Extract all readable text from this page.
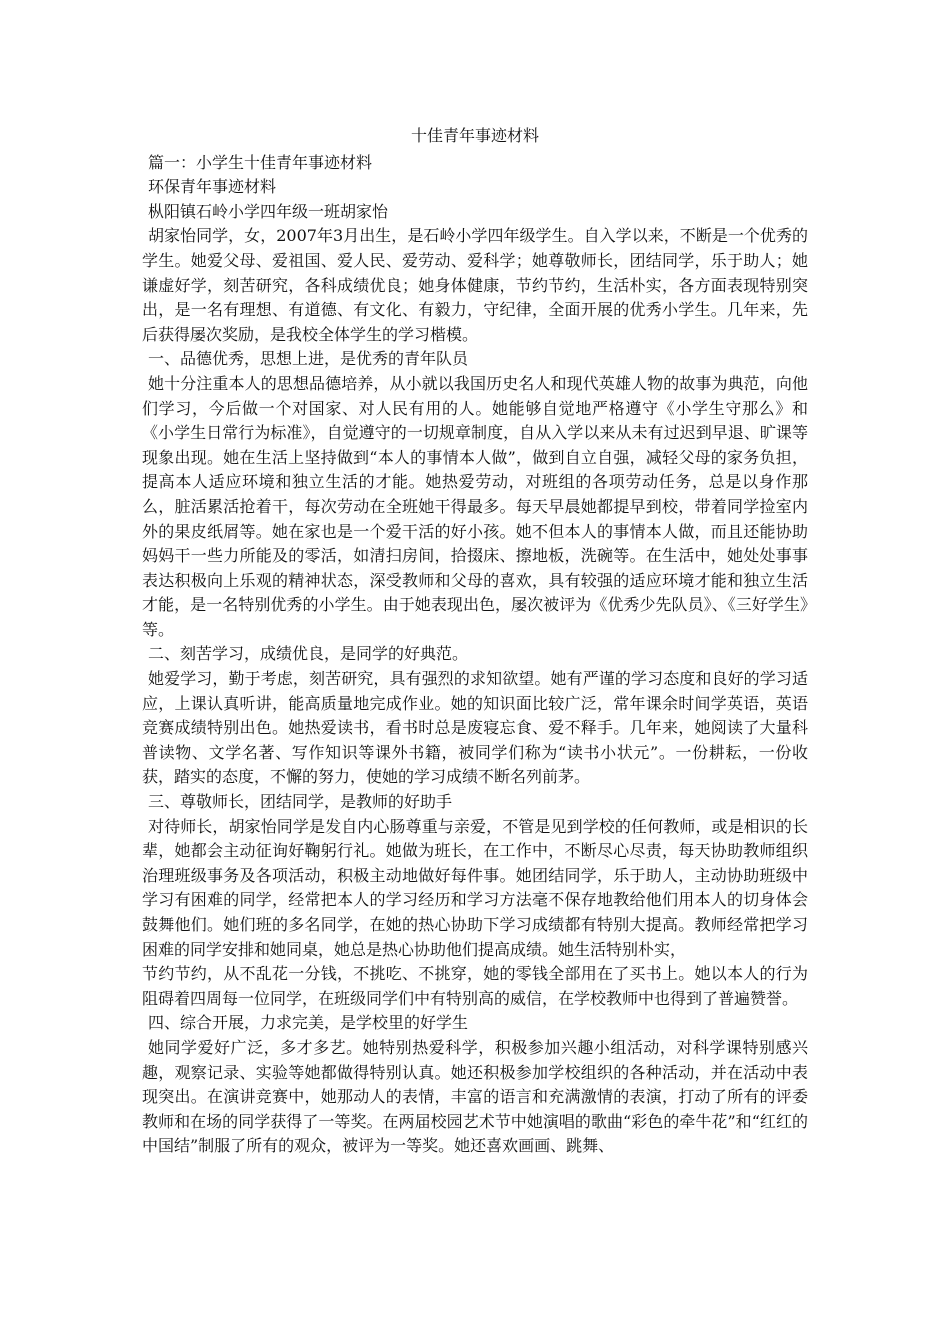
十佳青年事迹材料

篇一：小学生十佳青年事迹材料

环保青年事迹材料

枞阳镇石岭小学四年级一班胡家怡

胡家怡同学，女，2007年3月出生，是石岭小学四年级学生。自入学以来，不断是一个优秀的学生。她爱父母、爱祖国、爱人民、爱劳动、爱科学；她尊敬师长，团结同学，乐于助人；她谦虚好学，刻苦研究，各科成绩优良；她身体健康，节约节约，生活朴实，各方面表现特别突出，是一名有理想、有道德、有文化、有毅力，守纪律，全面开展的优秀小学生。几年来，先后获得屡次奖励，是我校全体学生的学习楷模。

一、品德优秀，思想上进，是优秀的青年队员

她十分注重本人的思想品德培养，从小就以我国历史名人和现代英雄人物的故事为典范，向他们学习，今后做一个对国家、对人民有用的人。她能够自觉地严格遵守《小学生守那么》和《小学生日常行为标准》，自觉遵守的一切规章制度，自从入学以来从未有过迟到早退、旷课等现象出现。她在生活上坚持做到“本人的事情本人做”，做到自立自强，减轻父母的家务负担，提高本人适应环境和独立生活的才能。她热爱劳动，对班组的各项劳动任务，总是以身作那么，脏活累活抢着干，每次劳动在全班她干得最多。每天早晨她都提早到校，带着同学捡室内外的果皮纸屑等。她在家也是一个爱干活的好小孩。她不但本人的事情本人做，而且还能协助妈妈干一些力所能及的零活，如清扫房间，拾掇床、擦地板，洗碗等。在生活中，她处处事事表达积极向上乐观的精神状态，深受教师和父母的喜欢，具有较强的适应环境才能和独立生活才能，是一名特别优秀的小学生。由于她表现出色，屡次被评为《优秀少先队员》、《三好学生》等。

二、刻苦学习，成绩优良，是同学的好典范。

她爱学习，勤于考虑，刻苦研究，具有强烈的求知欲望。她有严谨的学习态度和良好的学习适应，上课认真听讲，能高质量地完成作业。她的知识面比较广泛，常年课余时间学英语，英语竞赛成绩特别出色。她热爱读书，看书时总是废寝忘食、爱不释手。几年来，她阅读了大量科普读物、文学名著、写作知识等课外书籍，被同学们称为“读书小状元”。一份耕耘，一份收获，踏实的态度，不懈的努力，使她的学习成绩不断名列前茅。

三、尊敬师长，团结同学，是教师的好助手

对待师长，胡家怡同学是发自内心肠尊重与亲爱，不管是见到学校的任何教师，或是相识的长辈，她都会主动征询好鞠躬行礼。她做为班长，在工作中，不断尽心尽责，每天协助教师组织治理班级事务及各项活动，积极主动地做好每件事。她团结同学，乐于助人，主动协助班级中学习有困难的同学，经常把本人的学习经历和学习方法毫不保存地教给他们用本人的切身体会鼓舞他们。她们班的多名同学，在她的热心协助下学习成绩都有特别大提高。教师经常把学习困难的同学安排和她同桌，她总是热心协助他们提高成绩。她生活特别朴实，

节约节约，从不乱花一分钱，不挑吃、不挑穿，她的零钱全部用在了买书上。她以本人的行为阻碍着四周每一位同学，在班级同学们中有特别高的威信，在学校教师中也得到了普遍赞誉。

四、综合开展，力求完美，是学校里的好学生

她同学爱好广泛，多才多艺。她特别热爱科学，积极参加兴趣小组活动，对科学课特别感兴趣，观察记录、实验等她都做得特别认真。她还积极参加学校组织的各种活动，并在活动中表现突出。在演讲竞赛中，她那动人的表情，丰富的语言和充满激情的表演，打动了所有的评委教师和在场的同学获得了一等奖。在两届校园艺术节中她演唱的歌曲“彩色的牵牛花”和“红红的中国结”制服了所有的观众，被评为一等奖。她还喜欢画画、跳舞、
